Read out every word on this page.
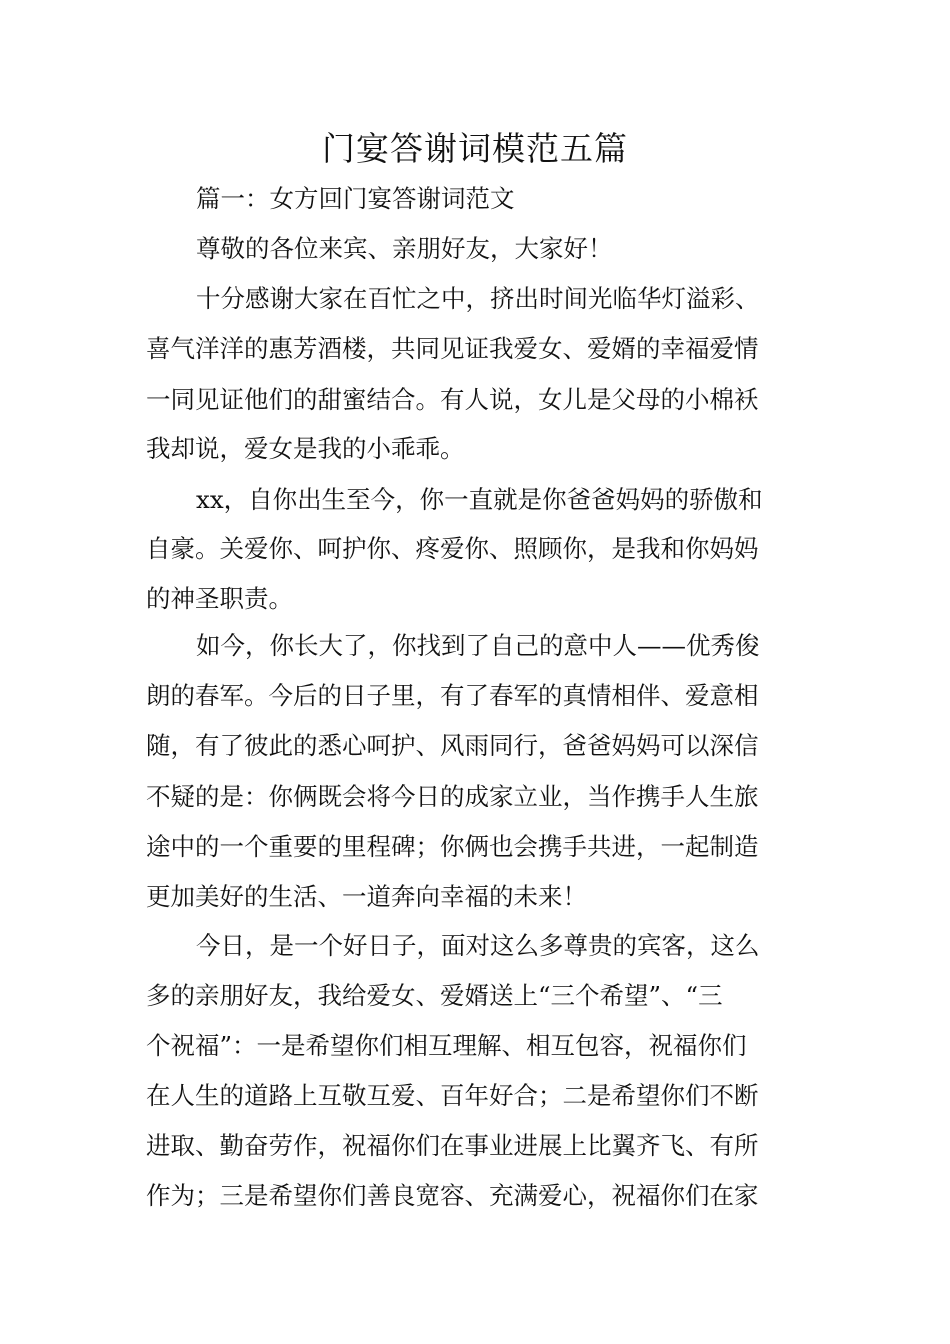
门宴答谢词模范五篇

篇一：女方回门宴答谢词范文

尊敬的各位来宾、亲朋好友，大家好！

十分感谢大家在百忙之中，挤出时间光临华灯溢彩、

喜气洋洋的惠芳酒楼，共同见证我爱女、爱婿的幸福爱情

一同见证他们的甜蜜结合。有人说，女儿是父母的小棉袄

我却说，爱女是我的小乖乖。

xx，自你出生至今，你一直就是你爸爸妈妈的骄傲和

自豪。关爱你、呵护你、疼爱你、照顾你，是我和你妈妈

的神圣职责。

如今，你长大了，你找到了自己的意中人——优秀俊

朗的春军。今后的日子里，有了春军的真情相伴、爱意相

随，有了彼此的悉心呵护、风雨同行，爸爸妈妈可以深信

不疑的是：你俩既会将今日的成家立业，当作携手人生旅

途中的一个重要的里程碑；你俩也会携手共进，一起制造

更加美好的生活、一道奔向幸福的未来！

今日，是一个好日子，面对这么多尊贵的宾客，这么

多的亲朋好友，我给爱女、爱婿送上“三个希望”、“三

个祝福”：一是希望你们相互理解、相互包容，祝福你们

在人生的道路上互敬互爱、百年好合；二是希望你们不断

进取、勤奋劳作，祝福你们在事业进展上比翼齐飞、有所

作为；三是希望你们善良宽容、充满爱心，祝福你们在家
